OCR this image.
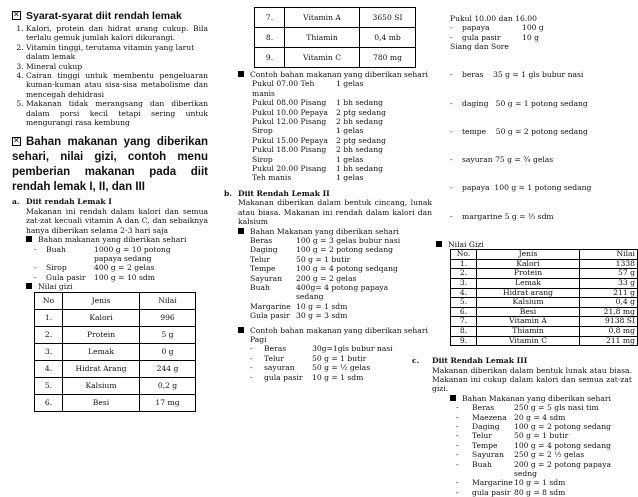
✕Syarat-syarat diit rendah lemak
1. Kalori, protein dan hidrat arang cukup. Bila terlalu gemuk jumlah kalori dikurangi.
2. Vitamin tinggi, terutama vitamin yang larut dalam lemak
3. Mineral cukup
4. Cairan tinggi untuk membentu pengeluaran kuman-kuman atau sisa-sisa metabolisme dan mencegah dehidrasi
5. Makanan tidak merangsang dan diberikan dalam porsi kecil tetapi sering untuk mengurangi rasa kembung
✕Bahan makanan yang diberikan sehari, nilai gizi, contoh menu pemberian makanan pada diit rendah lemak I, II, dan III
a. Diit rendah Lemak I
Makanan ini rendah dalam kalori dan semua zat-zat kecuali vitamin A dan C, dan sebaiknya hanya diberikan selama 2-3 hari saja
Bahan makanan yang diberikan sehari
-	Buah	1000 g = 10 potong papaya sedang
-	Sirop	400 g = 2 gelas
-	Gula pasir	100 g = 10 sdm
Nilai gizi
No	Jenis	Nilai
1.	Kalori	996
2.	Protein	5 g
3.	Lemak	0 g
4.	Hidrat Arang	244 g
5.	Kalsium	0,2 g
6.	Besi	17 mg
7.	Vitamin A	3650 SI
8.	Thiamin	0,4 mb
9.	Vitamin C	780 mg
Contoh bahan makanan yang diberikan sehari
Pukul 07.00 Teh manis
1 gelas
Pukul 08.00 Pisang	1 bh sedang
Pukul 10.00 Pepaya	2 ptg sedang
Pukul 12.00 Pisang	2 bh sedang
Sirop	1 gelas
Pukul 15.00 Pepaya	2 ptg sedang
Pukul 18.00 Pisang	2 bh sedang
Sirop	1 gelas
Pukul 20.00 Pisang	1 bh sedang
Teh manis	1 gelas
b. Diit Rendah Lemak II
Makanan diberikan dalam bentuk cincang, lunak atau biasa. Makanan ini rendah dalam kalori dan kalsium
Bahan Makanan yang diberikan sehari
Beras	100 g = 3 gelas bubur nasi
Daging	100 g = 2 potong sedang
Telur	50 g = 1 butir
Tempe	100 g = 4 potong sedqang
Sayuran	200 g = 2 gelas
Buah	400g= 4 potong papaya sedang
Margarine 10 g = 1 sdm
Gula pasir 30 g = 3 sdm
Contoh bahan makanan yang diberikan sehari
Pagi
-	Beras	30g=1gls bubur nasi
-	Telur	50 g = 1 butir
-	sayuran	50 g = ½ gelas
-	gula pasir	10 g = 1 sdm
Pukul 10.00 dan 16.00
-	papaya	100 g
-	gula pasir	10 g
Siang dan Sore

-	beras    35 g = 1 gls bubur nasi

-	daging   50 g = 1 potong sedang

-	tempe    50 g = 2 potong sedang

-	sayuran 75 g = ¾ gelas

-	papaya  100 g = 1 potong sedang

-	margarine 5 g = ⅓ sdm

Nilai Gizi
No.	Jenis	Nilai
1.	Kalori	1338
2.	Protein	57 g
3.	Lemak	33 g
4.	Hidrat arang	211 g
5.	Kalsium	0,4 g
6.	Besi	21,8 mg
7.	Vitamin A	9138 SI
8.	Thiamin	0,8 mg
9.	Vitamin C	211 mg
c. Diit Rendah Lemak III
Makanan diberikan dalam bentuk lunak atau biasa. Makanan ini cukup dalam kalori dan semua zat-zat gizi.
Bahan Makanan yang diberikan sehari
-	Beras	250 g = 5 gls nasi tim
-	Maezena 20 g = 4 sdm
-	Daging	100 g = 2 potong sedang
-	Telur	50 g = 1 butir
-	Tempe	100 g = 4 potong sedang
-	Sayuran	250 g = 2 ½ gelas
-	Buah	200 g = 2 potong papaya sedng
-	Margarine 10 g = 1 sdm
-	gula pasir 80 g = 8 sdm
